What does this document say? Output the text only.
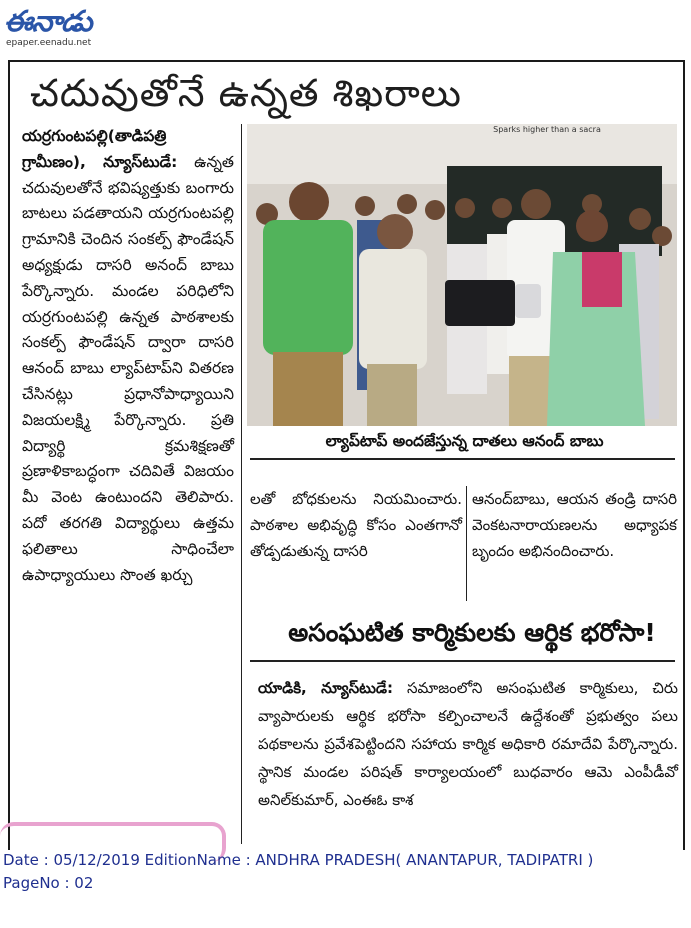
ఈనాడు
epaper.eenadu.net
చదువుతోనే ఉన్నత శిఖరాలు
యర్రగుంటపల్లి(తాడిపత్రి గ్రామీణం), న్యూస్‌టుడే: ఉన్నత చదువులతోనే భవిష్యత్తుకు బంగారు బాటలు పడతాయని యర్రగుంటపల్లి గ్రామానికి చెందిన సంకల్ప్ ఫౌండేషన్ అధ్యక్షుడు దాసరి అనంద్ బాబు పేర్కొన్నారు. మండల పరిధిలోని యర్రగుంటపల్లి ఉన్నత పాఠశాలకు సంకల్ప్ ఫౌండేషన్ ద్వారా దాసరి ఆనంద్ బాబు ల్యాప్‌టాప్‌ని వితరణ చేసినట్లు ప్రధానోపాధ్యాయిని విజయలక్ష్మి పేర్కొన్నారు. ప్రతి విద్యార్థి క్రమశిక్షణతో ప్రణాళికాబద్ధంగా చదివితే విజయం మీ వెంట ఉంటుందని తెలిపారు. పదో తరగతి విద్యార్థులు ఉత్తమ ఫలితాలు సాధించేలా ఉపాధ్యాయులు సొంత ఖర్చు
Sparks higher than a sacra
ల్యాప్‌టాప్ అందజేస్తున్న దాతలు ఆనంద్ బాబు
లతో బోధకులను నియమించారు. పాఠశాల అభివృద్ధి కోసం ఎంతగానో తోడ్పడుతున్న దాసరి
ఆనంద్‌బాబు, ఆయన తండ్రి దాసరి వెంకటనారాయణలను అధ్యాపక బృందం అభినందించారు.
అసంఘటిత కార్మికులకు ఆర్థిక భరోసా!
యాడికి, న్యూస్‌టుడే: సమాజంలోని అసంఘటిత కార్మికులు, చిరు వ్యాపారులకు ఆర్థిక భరోసా కల్పించాలనే ఉద్దేశంతో ప్రభుత్వం పలు పథకాలను ప్రవేశపెట్టిందని సహాయ కార్మిక అధికారి రమాదేవి పేర్కొన్నారు. స్థానిక మండల పరిషత్ కార్యాలయంలో బుధవారం ఆమె ఎంపీడీవో అనిల్‌కుమార్, ఎంఈఓ కాశ
Date : 05/12/2019 EditionName : ANDHRA PRADESH( ANANTAPUR, TADIPATRI )
PageNo : 02
